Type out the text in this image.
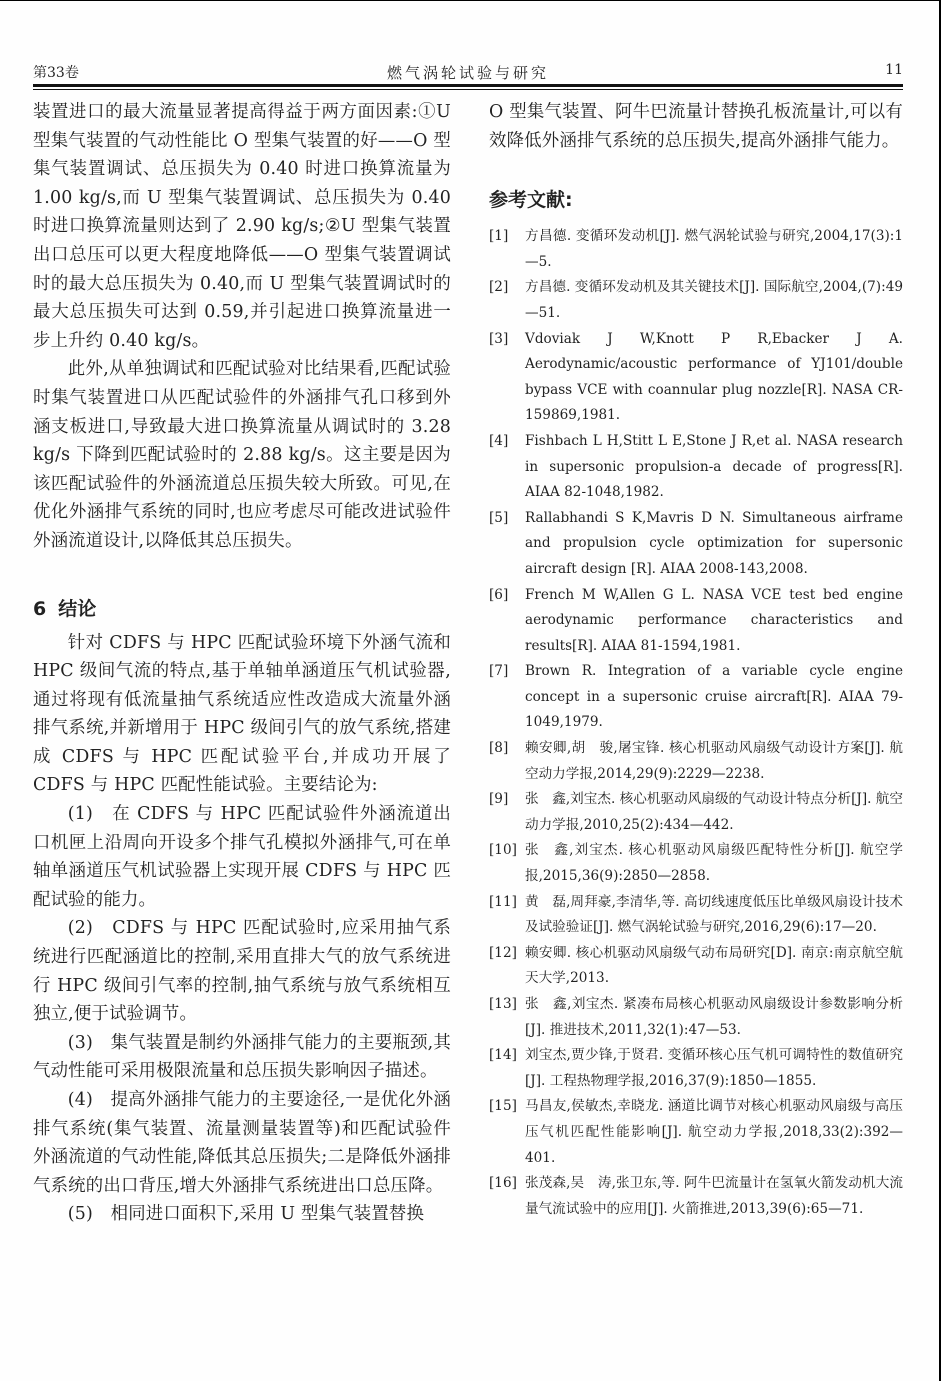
第33卷	燃气涡轮试验与研究	11

装置进口的最大流量显著提高得益于两方面因素:①U 型集气装置的气动性能比 O 型集气装置的好——O 型集气装置调试、总压损失为 0.40 时进口换算流量为 1.00 kg/s,而 U 型集气装置调试、总压损失为 0.40 时进口换算流量则达到了 2.90 kg/s;②U 型集气装置出口总压可以更大程度地降低——O 型集气装置调试时的最大总压损失为 0.40,而 U 型集气装置调试时的最大总压损失可达到 0.59,并引起进口换算流量进一步上升约 0.40 kg/s。

此外,从单独调试和匹配试验对比结果看,匹配试验时集气装置进口从匹配试验件的外涵排气孔口移到外涵支板进口,导致最大进口换算流量从调试时的 3.28 kg/s 下降到匹配试验时的 2.88 kg/s。这主要是因为该匹配试验件的外涵流道总压损失较大所致。可见,在优化外涵排气系统的同时,也应考虑尽可能改进试验件外涵流道设计,以降低其总压损失。

6 结论

针对 CDFS 与 HPC 匹配试验环境下外涵气流和 HPC 级间气流的特点,基于单轴单涵道压气机试验器,通过将现有低流量抽气系统适应性改造成大流量外涵排气系统,并新增用于 HPC 级间引气的放气系统,搭建成 CDFS 与 HPC 匹配试验平台,并成功开展了 CDFS 与 HPC 匹配性能试验。主要结论为:

(1)　在 CDFS 与 HPC 匹配试验件外涵流道出口机匣上沿周向开设多个排气孔模拟外涵排气,可在单轴单涵道压气机试验器上实现开展 CDFS 与 HPC 匹配试验的能力。

(2)　CDFS 与 HPC 匹配试验时,应采用抽气系统进行匹配涵道比的控制,采用直排大气的放气系统进行 HPC 级间引气率的控制,抽气系统与放气系统相互独立,便于试验调节。

(3)　集气装置是制约外涵排气能力的主要瓶颈,其气动性能可采用极限流量和总压损失影响因子描述。

(4)　提高外涵排气能力的主要途径,一是优化外涵排气系统(集气装置、流量测量装置等)和匹配试验件外涵流道的气动性能,降低其总压损失;二是降低外涵排气系统的出口背压,增大外涵排气系统进出口总压降。

(5)　相同进口面积下,采用 U 型集气装置替换

O 型集气装置、阿牛巴流量计替换孔板流量计,可以有效降低外涵排气系统的总压损失,提高外涵排气能力。

参考文献:
[1] 方昌德. 变循环发动机[J]. 燃气涡轮试验与研究,2004,17(3):1—5.
[2] 方昌德. 变循环发动机及其关键技术[J]. 国际航空,2004,(7):49—51.
[3] Vdoviak J W,Knott P R,Ebacker J A. Aerodynamic/acoustic performance of YJ101/double bypass VCE with coannular plug nozzle[R]. NASA CR-159869,1981.
[4] Fishbach L H,Stitt L E,Stone J R,et al. NASA research in supersonic propulsion-a decade of progress[R]. AIAA 82-1048,1982.
[5] Rallabhandi S K,Mavris D N. Simultaneous airframe and propulsion cycle optimization for supersonic aircraft design [R]. AIAA 2008-143,2008.
[6] French M W,Allen G L. NASA VCE test bed engine aerodynamic performance characteristics and results[R]. AIAA 81-1594,1981.
[7] Brown R. Integration of a variable cycle engine concept in a supersonic cruise aircraft[R]. AIAA 79-1049,1979.
[8] 赖安卿,胡　骏,屠宝锋. 核心机驱动风扇级气动设计方案[J]. 航空动力学报,2014,29(9):2229—2238.
[9] 张　鑫,刘宝杰. 核心机驱动风扇级的气动设计特点分析[J]. 航空动力学报,2010,25(2):434—442.
[10] 张　鑫,刘宝杰. 核心机驱动风扇级匹配特性分析[J]. 航空学报,2015,36(9):2850—2858.
[11] 黄　磊,周拜豪,李清华,等. 高切线速度低压比单级风扇设计技术及试验验证[J]. 燃气涡轮试验与研究,2016,29(6):17—20.
[12] 赖安卿. 核心机驱动风扇级气动布局研究[D]. 南京:南京航空航天大学,2013.
[13] 张　鑫,刘宝杰. 紧凑布局核心机驱动风扇级设计参数影响分析[J]. 推进技术,2011,32(1):47—53.
[14] 刘宝杰,贾少锋,于贤君. 变循环核心压气机可调特性的数值研究[J]. 工程热物理学报,2016,37(9):1850—1855.
[15] 马昌友,侯敏杰,幸晓龙. 涵道比调节对核心机驱动风扇级与高压压气机匹配性能影响[J]. 航空动力学报,2018,33(2):392—401.
[16] 张茂森,吴　涛,张卫东,等. 阿牛巴流量计在氢氧火箭发动机大流量气流试验中的应用[J]. 火箭推进,2013,39(6):65—71.
